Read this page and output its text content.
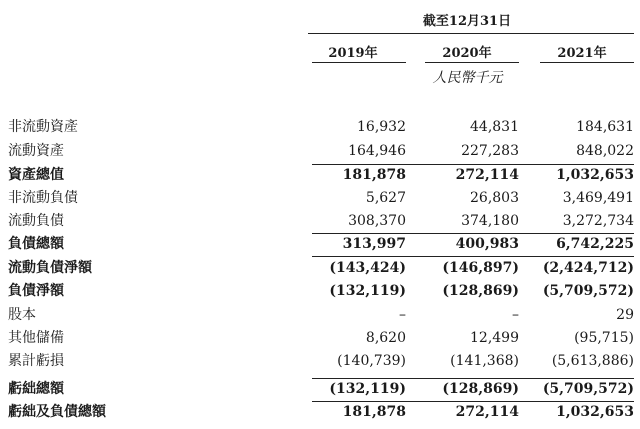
截至12月31日
2019年	2020年	2021年
人民幣千元
非流動資產	16,932	44,831	184,631
流動資產	164,946	227,283	848,022
資產總值	181,878	272,114	1,032,653
非流動負債	5,627	26,803	3,469,491
流動負債	308,370	374,180	3,272,734
負債總額	313,997	400,983	6,742,225
流動負債淨額	(143,424)	(146,897)	(2,424,712)
負債淨額	(132,119)	(128,869)	(5,709,572)
股本	–	–	29
其他儲備	8,620	12,499	(95,715)
累計虧損	(140,739)	(141,368)	(5,613,886)
虧絀總額	(132,119)	(128,869)	(5,709,572)
虧絀及負債總額	181,878	272,114	1,032,653
